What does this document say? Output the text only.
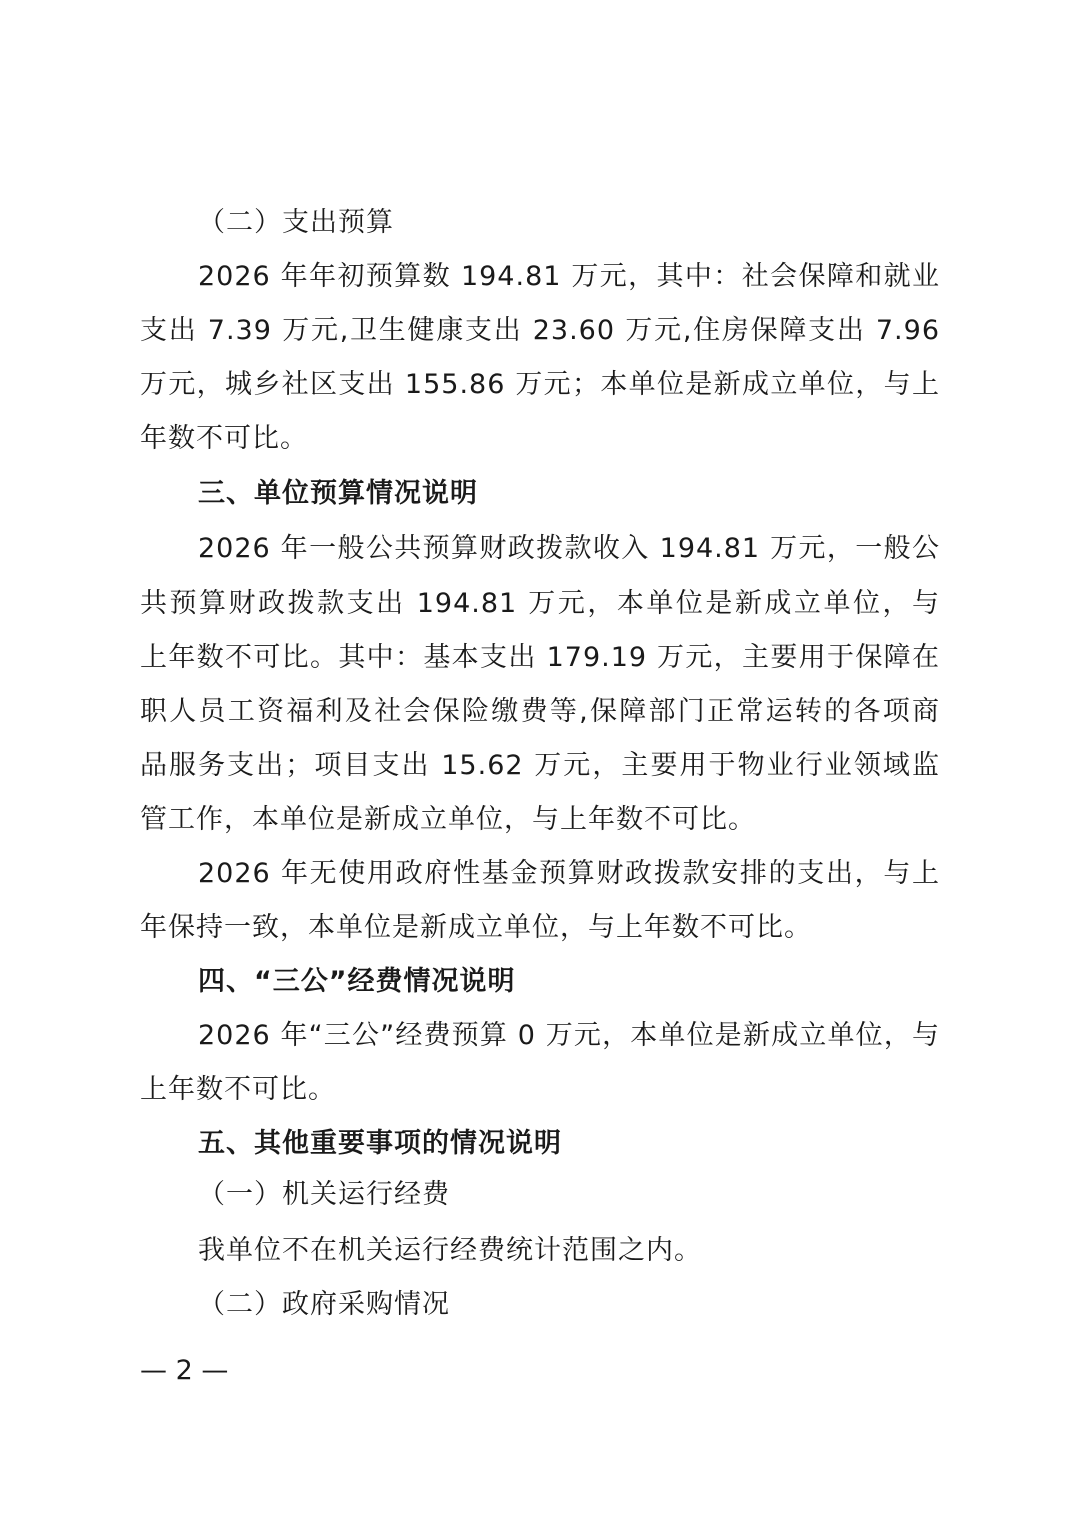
（二）支出预算
2026 年年初预算数 194.81 万元，其中：社会保障和就业
支出 7.39 万元,卫生健康支出 23.60 万元,住房保障支出 7.96
万元，城乡社区支出 155.86 万元；本单位是新成立单位，与上
年数不可比。
三、单位预算情况说明
2026 年一般公共预算财政拨款收入 194.81 万元，一般公
共预算财政拨款支出 194.81 万元，本单位是新成立单位，与
上年数不可比。其中：基本支出 179.19 万元，主要用于保障在
职人员工资福利及社会保险缴费等,保障部门正常运转的各项商
品服务支出；项目支出 15.62 万元，主要用于物业行业领域监
管工作，本单位是新成立单位，与上年数不可比。
2026 年无使用政府性基金预算财政拨款安排的支出，与上
年保持一致，本单位是新成立单位，与上年数不可比。
四、“三公”经费情况说明
2026 年“三公”经费预算 0 万元，本单位是新成立单位，与
上年数不可比。
五、其他重要事项的情况说明
（一）机关运行经费
我单位不在机关运行经费统计范围之内。
（二）政府采购情况
— 2 —
